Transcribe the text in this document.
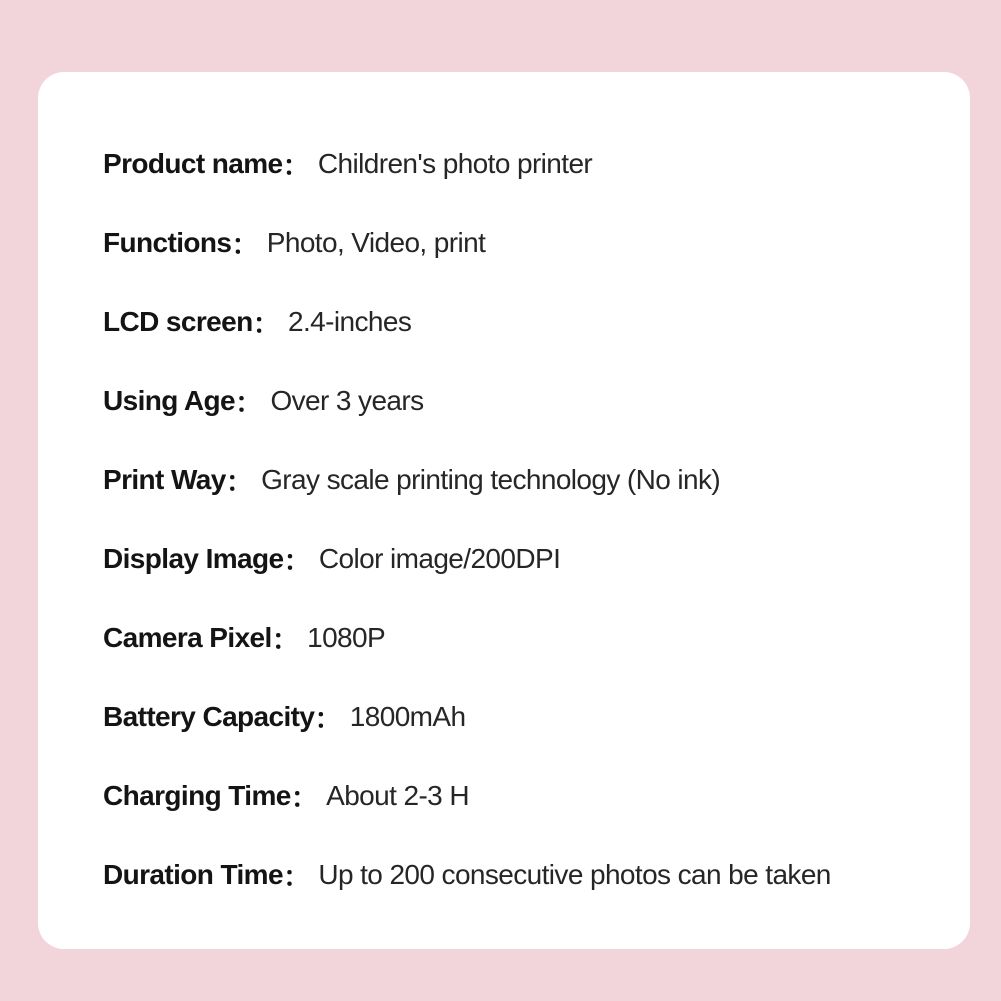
Product name ： Children's photo printer
Functions ： Photo, Video, print
LCD screen ： 2.4-inches
Using Age ： Over 3 years
Print Way ： Gray scale printing technology (No ink)
Display Image ： Color image/200DPI
Camera Pixel ： 1080P
Battery Capacity ： 1800mAh
Charging Time ： About 2-3 H
Duration Time ： Up to 200 consecutive photos can be taken
